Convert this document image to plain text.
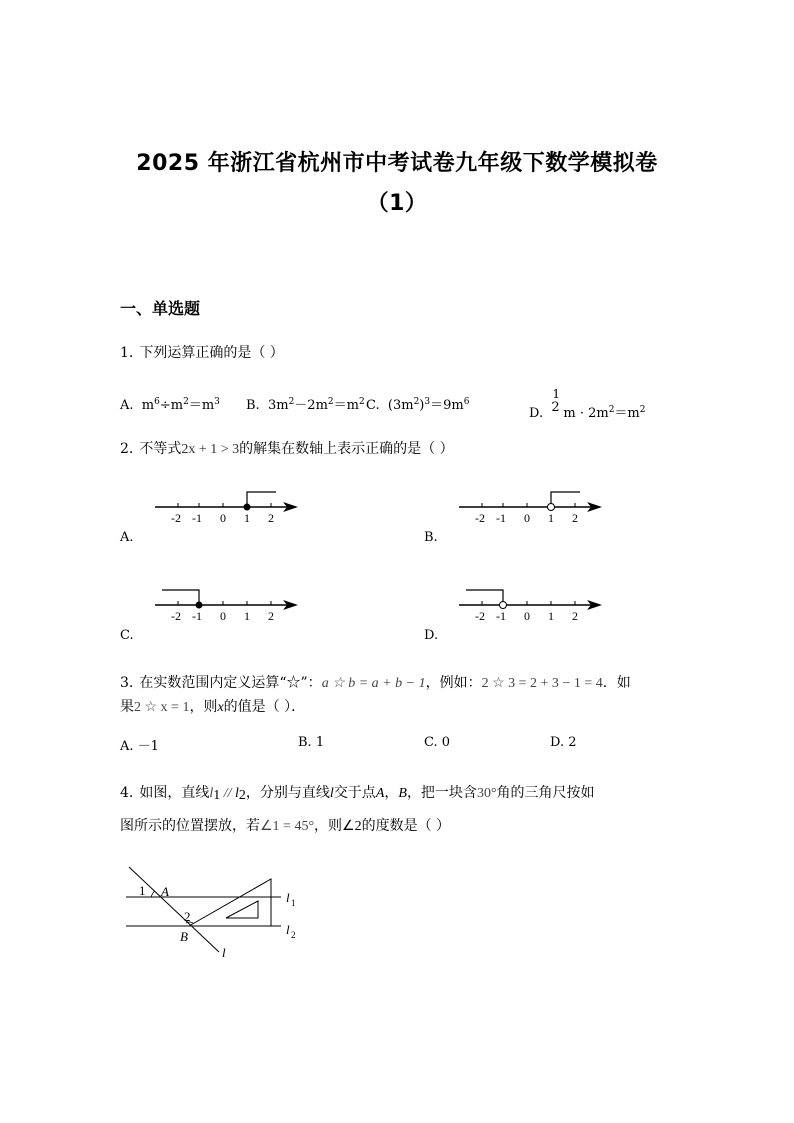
2025 年浙江省杭州市中考试卷九年级下数学模拟卷
（1）
一、单选题
1. 下列运算正确的是（ ）
A. $m^6\div m^2=m^3$ B. $3m^2-2m^2=m^2$ C. $(3m^2)^3=9m^6$
D.
1
2 $m \cdot 2m^2=m^2$
2. 不等式2x + 1 > 3的解集在数轴上表示正确的是（ ）
-2 -1 0 1 2
A.
-2 -1 0 1 2
B.
-2 -1 0 1 2
C.
-2 -1 0 1 2
D.
3. 在实数范围内定义运算“☆”：a ☆ b = a + b − 1，例如：2 ☆ 3 = 2 + 3 − 1 = 4．如
果2 ☆ x = 1，则x的值是（ ）．
A. －1	B. 1	C. 0	D. 2
4. 如图，直线$l_1 // l_2$，分别与直线l交于点A，B，把一块含30°角的三角尺按如
图所示的位置摆放，若∠1 = 45°，则∠2的度数是（ ）
1 A
2
B
l
l 1
l 2
